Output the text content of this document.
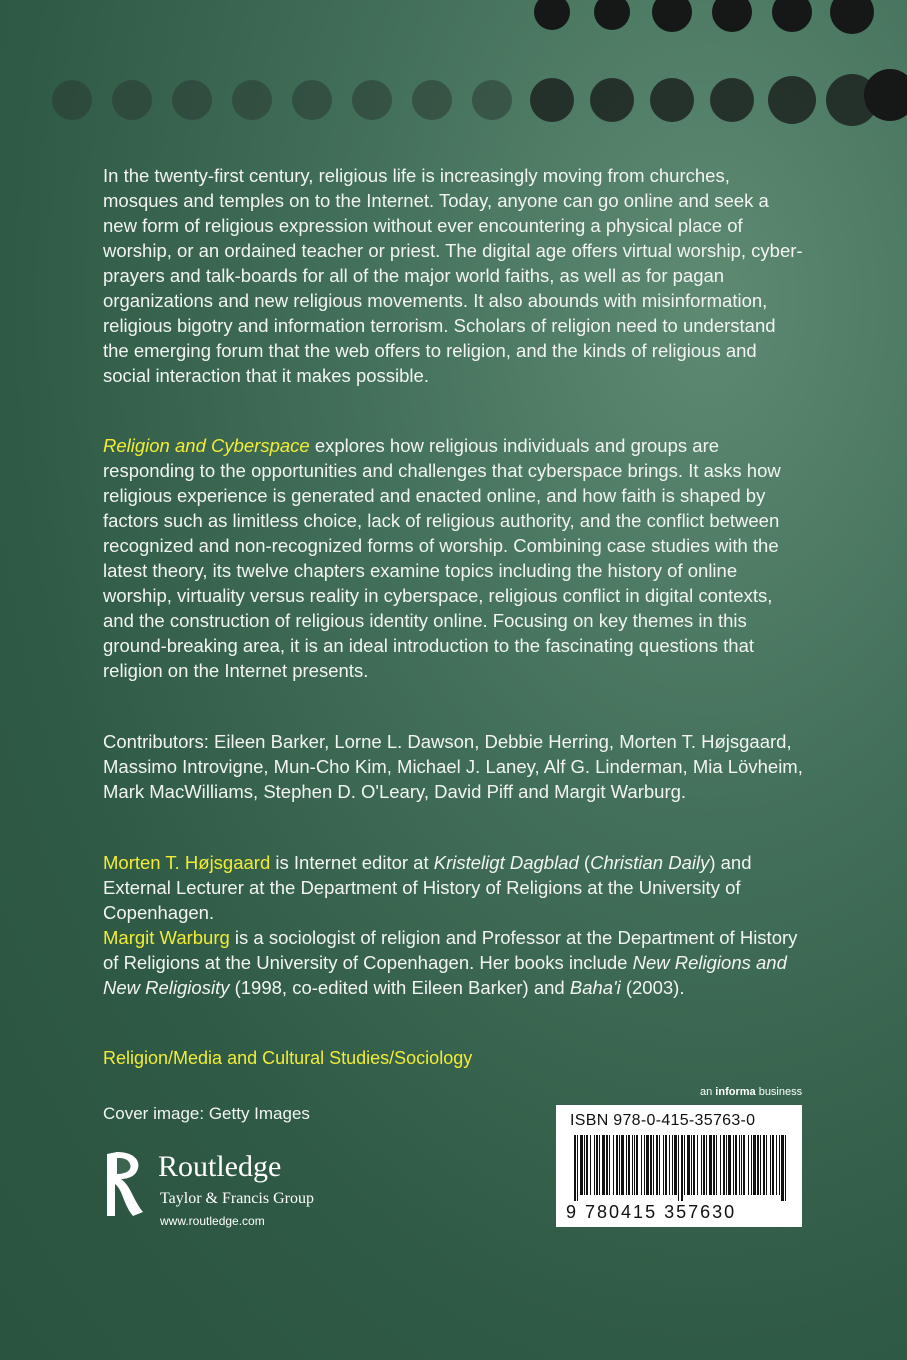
In the twenty-first century, religious life is increasingly moving from churches, mosques and temples on to the Internet. Today, anyone can go online and seek a new form of religious expression without ever encountering a physical place of worship, or an ordained teacher or priest. The digital age offers virtual worship, cyber-prayers and talk-boards for all of the major world faiths, as well as for pagan organizations and new religious movements. It also abounds with misinformation, religious bigotry and information terrorism. Scholars of religion need to understand the emerging forum that the web offers to religion, and the kinds of religious and social interaction that it makes possible.

Religion and Cyberspace explores how religious individuals and groups are responding to the opportunities and challenges that cyberspace brings. It asks how religious experience is generated and enacted online, and how faith is shaped by factors such as limitless choice, lack of religious authority, and the conflict between recognized and non-recognized forms of worship. Combining case studies with the latest theory, its twelve chapters examine topics including the history of online worship, virtuality versus reality in cyberspace, religious conflict in digital contexts, and the construction of religious identity online. Focusing on key themes in this ground-breaking area, it is an ideal introduction to the fascinating questions that religion on the Internet presents.

Contributors: Eileen Barker, Lorne L. Dawson, Debbie Herring, Morten T. Højsgaard, Massimo Introvigne, Mun-Cho Kim, Michael J. Laney, Alf G. Linderman, Mia Lövheim, Mark MacWilliams, Stephen D. O'Leary, David Piff and Margit Warburg.

Morten T. Højsgaard is Internet editor at Kristeligt Dagblad (Christian Daily) and External Lecturer at the Department of History of Religions at the University of Copenhagen.

Margit Warburg is a sociologist of religion and Professor at the Department of History of Religions at the University of Copenhagen. Her books include New Religions and New Religiosity (1998, co-edited with Eileen Barker) and Baha'i (2003).

Religion/Media and Cultural Studies/Sociology
Cover image: Getty Images
an informa business
ISBN 978-0-415-35763-0
9 780415 357630
Routledge
Taylor & Francis Group
www.routledge.com
